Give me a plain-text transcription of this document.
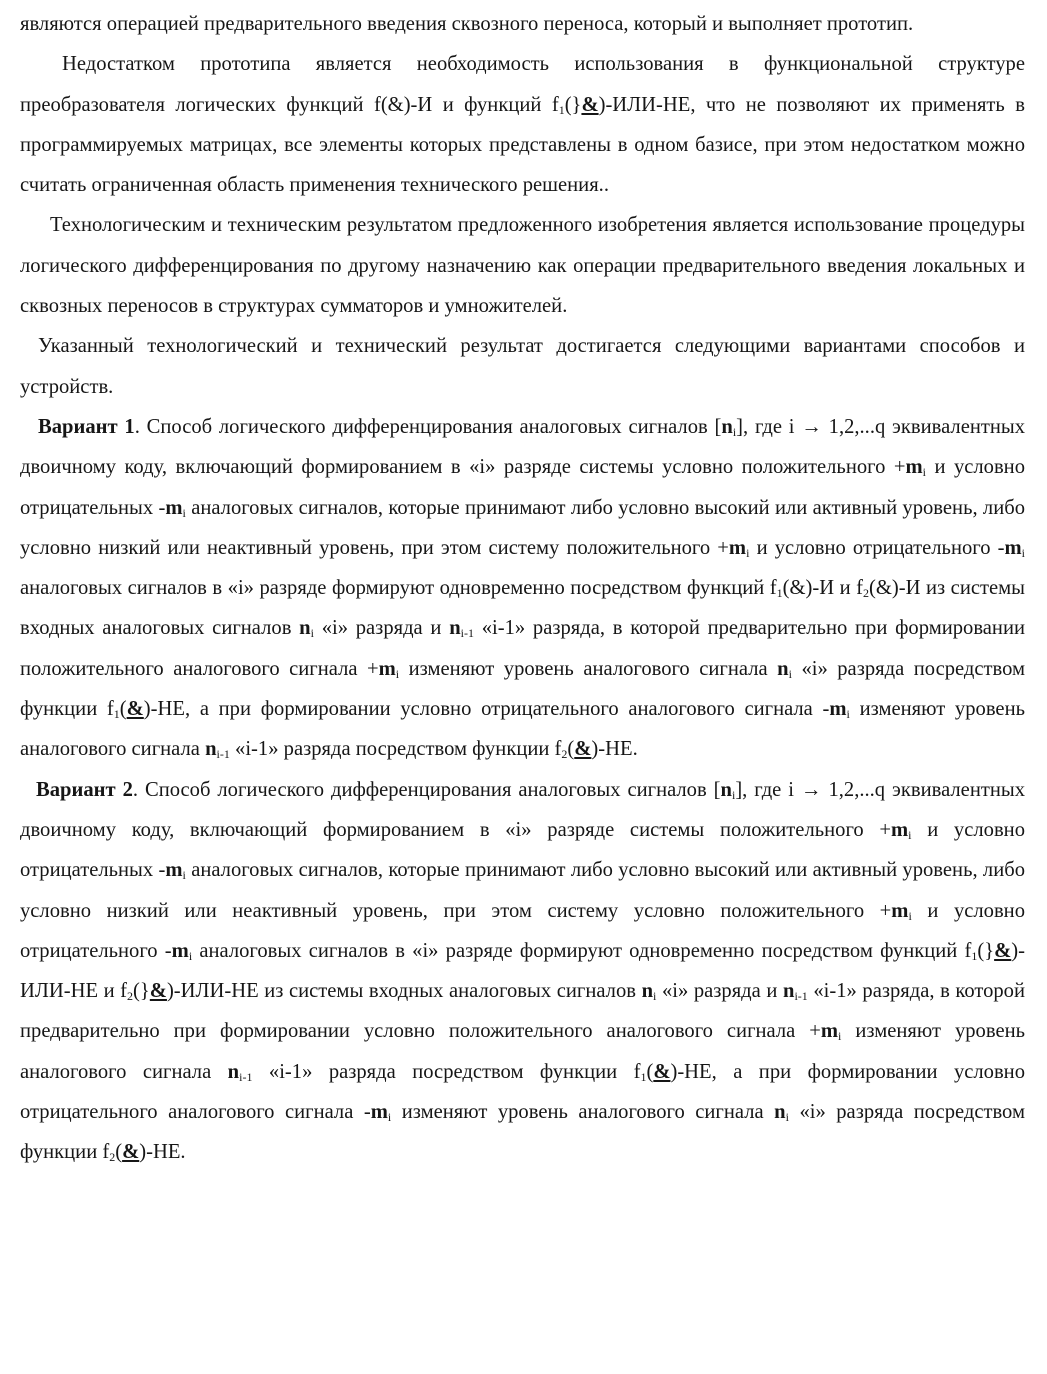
являются операцией предварительного введения сквозного переноса, который и выполняет прототип.

Недостатком прототипа является необходимость использования в функциональной структуре преобразователя логических функций f(&)-И и функций f1(}&)-ИЛИ-НЕ, что не позволяют их применять в программируемых матрицах, все элементы которых представлены в одном базисе, при этом недостатком можно считать ограниченная область применения технического решения..

Технологическим и техническим результатом предложенного изобретения является использование процедуры логического дифференцирования по другому назначению как операции предварительного введения локальных и сквозных переносов в структурах сумматоров и умножителей.

Указанный технологический и технический результат достигается следующими вариантами способов и устройств.

Вариант 1. Способ логического дифференцирования аналоговых сигналов [ni], где i → 1,2,...q эквивалентных двоичному коду, включающий формированием в «i» разряде системы условно положительного +mi и условно отрицательных -mi аналоговых сигналов, которые принимают либо условно высокий или активный уровень, либо условно низкий или неактивный уровень, при этом систему положительного +mi и условно отрицательного -mi аналоговых сигналов в «i» разряде формируют одновременно посредством функций f1(&)-И и f2(&)-И из системы входных аналоговых сигналов ni «i» разряда и ni-1 «i-1» разряда, в которой предварительно при формировании положительного аналогового сигнала +mi изменяют уровень аналогового сигнала ni «i» разряда посредством функции f1(&)-НЕ, а при формировании условно отрицательного аналогового сигнала -mi изменяют уровень аналогового сигнала ni-1 «i-1» разряда посредством функции f2(&)-НЕ.

Вариант 2. Способ логического дифференцирования аналоговых сигналов [ni], где i → 1,2,...q эквивалентных двоичному коду, включающий формированием в «i» разряде системы положительного +mi и условно отрицательных -mi аналоговых сигналов, которые принимают либо условно высокий или активный уровень, либо условно низкий или неактивный уровень, при этом систему условно положительного +mi и условно отрицательного -mi аналоговых сигналов в «i» разряде формируют одновременно посредством функций f1(}&)-ИЛИ-НЕ и f2(}&)-ИЛИ-НЕ из системы входных аналоговых сигналов ni «i» разряда и ni-1 «i-1» разряда, в которой предварительно при формировании условно положительного аналогового сигнала +mi изменяют уровень аналогового сигнала ni-1 «i-1» разряда посредством функции f1(&)-НЕ, а при формировании условно отрицательного аналогового сигнала -mi изменяют уровень аналогового сигнала ni «i» разряда посредством функции f2(&)-НЕ.
